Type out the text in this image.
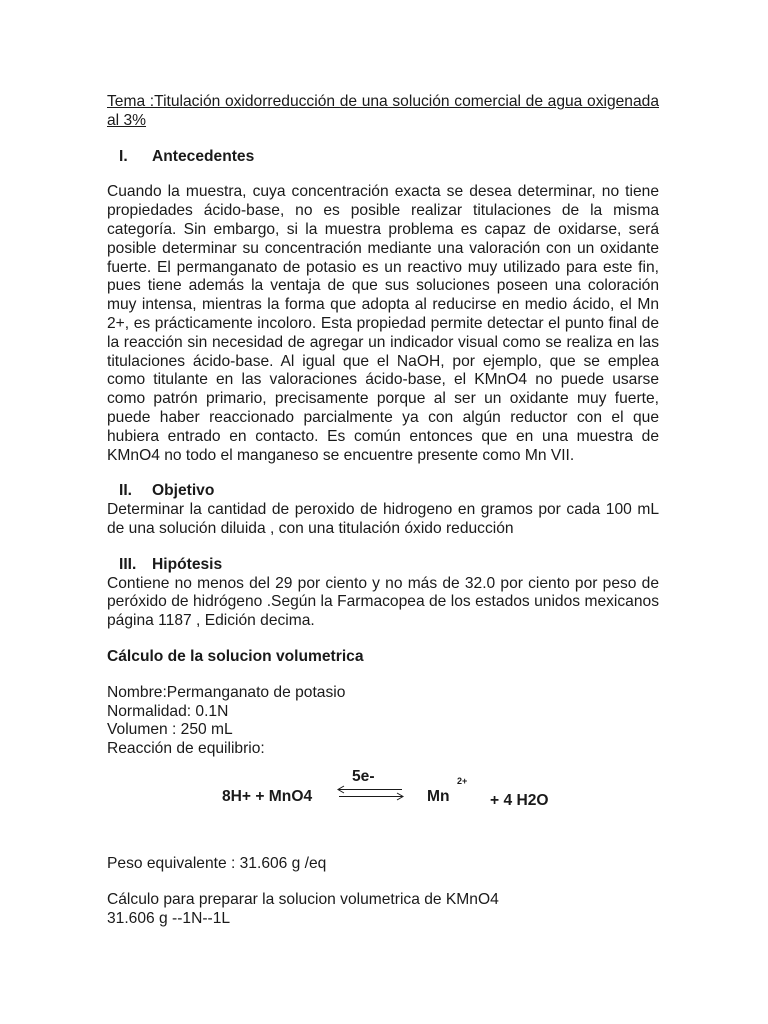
Tema :Titulación oxidorreducción de una solución comercial de agua oxigenada al 3%
I.	Antecedentes
Cuando la muestra, cuya concentración exacta se desea determinar, no tiene propiedades ácido-base, no es posible realizar titulaciones de la misma categoría. Sin embargo, si la muestra problema es capaz de oxidarse, será posible determinar su concentración mediante una valoración con un oxidante fuerte. El permanganato de potasio es un reactivo muy utilizado para este fin, pues tiene además la ventaja de que sus soluciones poseen una coloración muy intensa, mientras la forma que adopta al reducirse en medio ácido, el Mn 2+, es prácticamente incoloro. Esta propiedad permite detectar el punto final de la reacción sin necesidad de agregar un indicador visual como se realiza en las titulaciones ácido-base. Al igual que el NaOH, por ejemplo, que se emplea como titulante en las valoraciones ácido-base, el KMnO4 no puede usarse como patrón primario, precisamente porque al ser un oxidante muy fuerte, puede haber reaccionado parcialmente ya con algún reductor con el que hubiera entrado en contacto. Es común entonces que en una muestra de KMnO4 no todo el manganeso se encuentre presente como Mn VII.
II.	Objetivo
Determinar la cantidad de peroxido de hidrogeno en gramos por cada 100 mL de una solución diluida , con una titulación óxido reducción
III.	Hipótesis
Contiene no menos del 29 por ciento y no más de 32.0 por ciento por peso de peróxido de hidrógeno .Según la Farmacopea de los estados unidos mexicanos página 1187 , Edición decima.
Cálculo de la solucion volumetrica
Nombre:Permanganato de potasio
Normalidad: 0.1N
Volumen : 250 mL
Reacción de equilibrio:
8H+ + MnO4
5e-
Mn
2+
+ 4 H2O
Peso equivalente : 31.606 g /eq
Cálculo para preparar la solucion volumetrica de KMnO4
31.606 g --1N--1L
